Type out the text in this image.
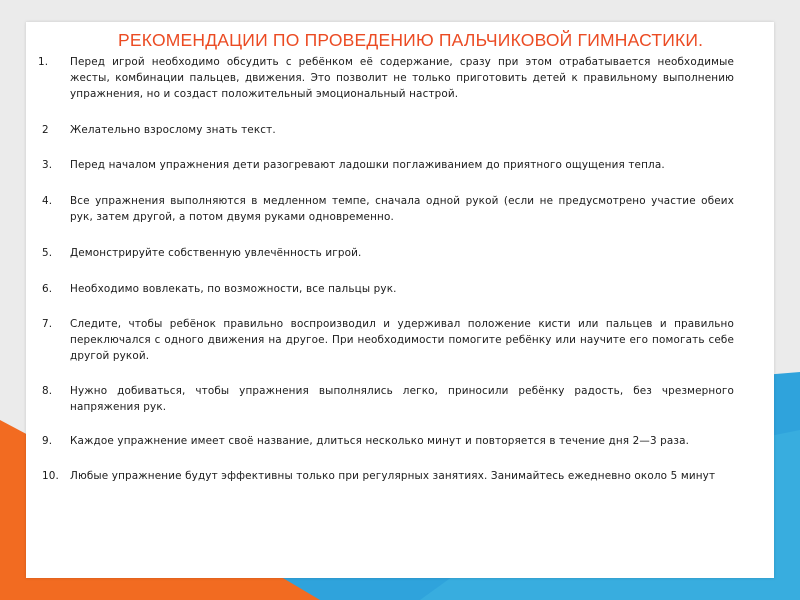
РЕКОМЕНДАЦИИ ПО ПРОВЕДЕНИЮ ПАЛЬЧИКОВОЙ ГИМНАСТИКИ.
1. Перед игрой необходимо обсудить с ребёнком её содержание, сразу при этом отрабатывается необходимые жесты, комбинации пальцев, движения. Это позволит не только приготовить детей к правильному выполнению упражнения, но и создаст положительный эмоциональный настрой.
2 Желательно взрослому знать текст.
3. Перед началом упражнения дети разогревают ладошки поглаживанием до приятного ощущения тепла.
4. Все упражнения выполняются в медленном темпе, сначала одной рукой (если не предусмотрено участие обеих рук, затем другой, а потом двумя руками одновременно.
5. Демонстрируйте собственную увлечённость игрой.
6. Необходимо вовлекать, по возможности, все пальцы рук.
7. Следите, чтобы ребёнок правильно воспроизводил и удерживал положение кисти или пальцев и правильно переключался с одного движения на другое. При необходимости помогите ребёнку или научите его помогать себе другой рукой.
8. Нужно добиваться, чтобы упражнения выполнялись легко, приносили ребёнку радость, без чрезмерного напряжения рук.
9. Каждое упражнение имеет своё название, длиться несколько минут и повторяется в течение дня 2—3 раза.
10. Любые упражнение будут эффективны только при регулярных занятиях. Занимайтесь ежедневно около 5 минут
